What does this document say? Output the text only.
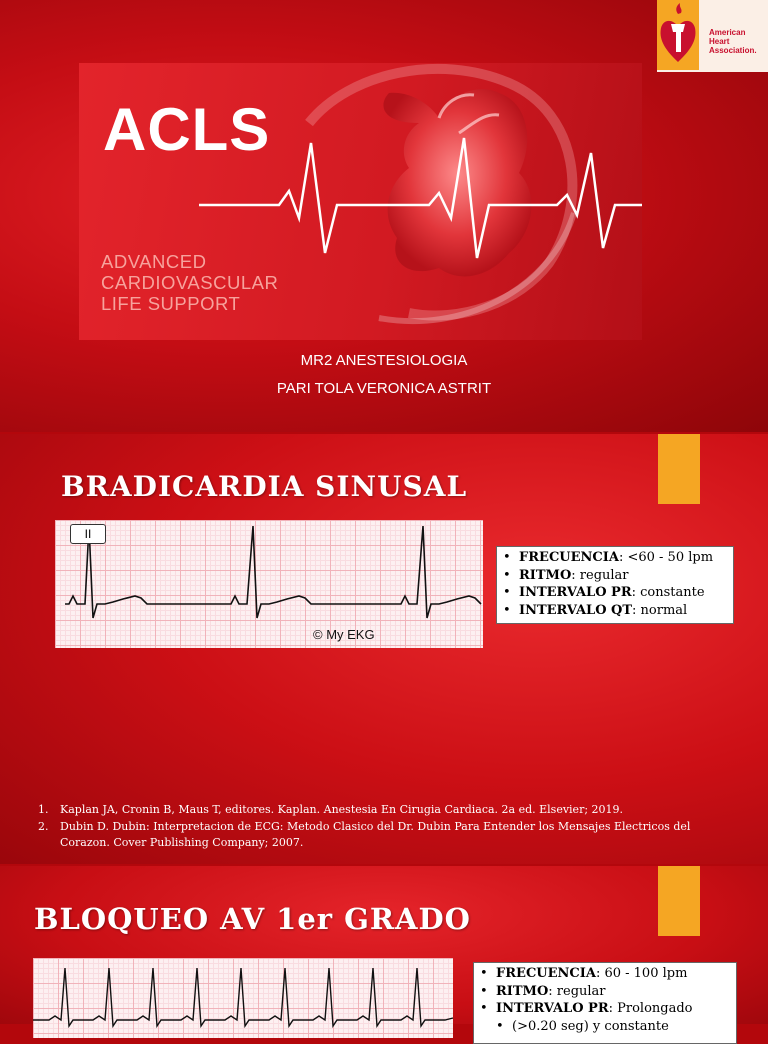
American
Heart
Association.
ACLS
ADVANCED
CARDIOVASCULAR
LIFE SUPPORT
MR2 ANESTESIOLOGIA
PARI TOLA VERONICA ASTRIT
BRADICARDIA SINUSAL
II
© My EKG
• FRECUENCIA: <60 - 50 lpm
• RITMO: regular
• INTERVALO PR: constante
• INTERVALO QT: normal
1.	Kaplan JA, Cronin B, Maus T, editores. Kaplan. Anestesia En Cirugia Cardiaca. 2a ed. Elsevier; 2019.
2.	Dubin D. Dubin: Interpretacion de ECG: Metodo Clasico del Dr. Dubin Para Entender los Mensajes Electricos del Corazon. Cover Publishing Company; 2007.
BLOQUEO AV 1er GRADO
• FRECUENCIA: 60 - 100 lpm
• RITMO: regular
• INTERVALO PR: Prolongado
• (>0.20 seg) y constante
